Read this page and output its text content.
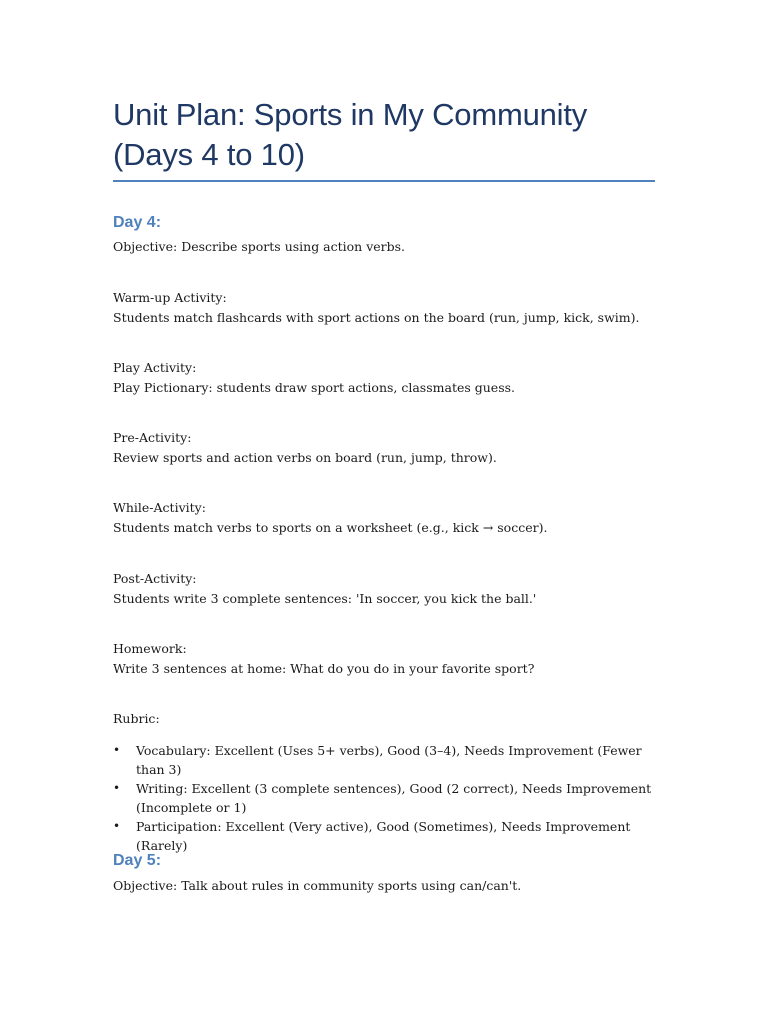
Unit Plan: Sports in My Community
(Days 4 to 10)
Day 4:

Objective: Describe sports using action verbs.

Warm-up Activity:

Students match flashcards with sport actions on the board (run, jump, kick, swim).

Play Activity:

Play Pictionary: students draw sport actions, classmates guess.

Pre-Activity:

Review sports and action verbs on board (run, jump, throw).

While-Activity:

Students match verbs to sports on a worksheet (e.g., kick → soccer).

Post-Activity:

Students write 3 complete sentences: 'In soccer, you kick the ball.'

Homework:

Write 3 sentences at home: What do you do in your favorite sport?

Rubric:

• Vocabulary: Excellent (Uses 5+ verbs), Good (3–4), Needs Improvement (Fewer than 3)
• Writing: Excellent (3 complete sentences), Good (2 correct), Needs Improvement (Incomplete or 1)
• Participation: Excellent (Very active), Good (Sometimes), Needs Improvement (Rarely)
Day 5:

Objective: Talk about rules in community sports using can/can't.
